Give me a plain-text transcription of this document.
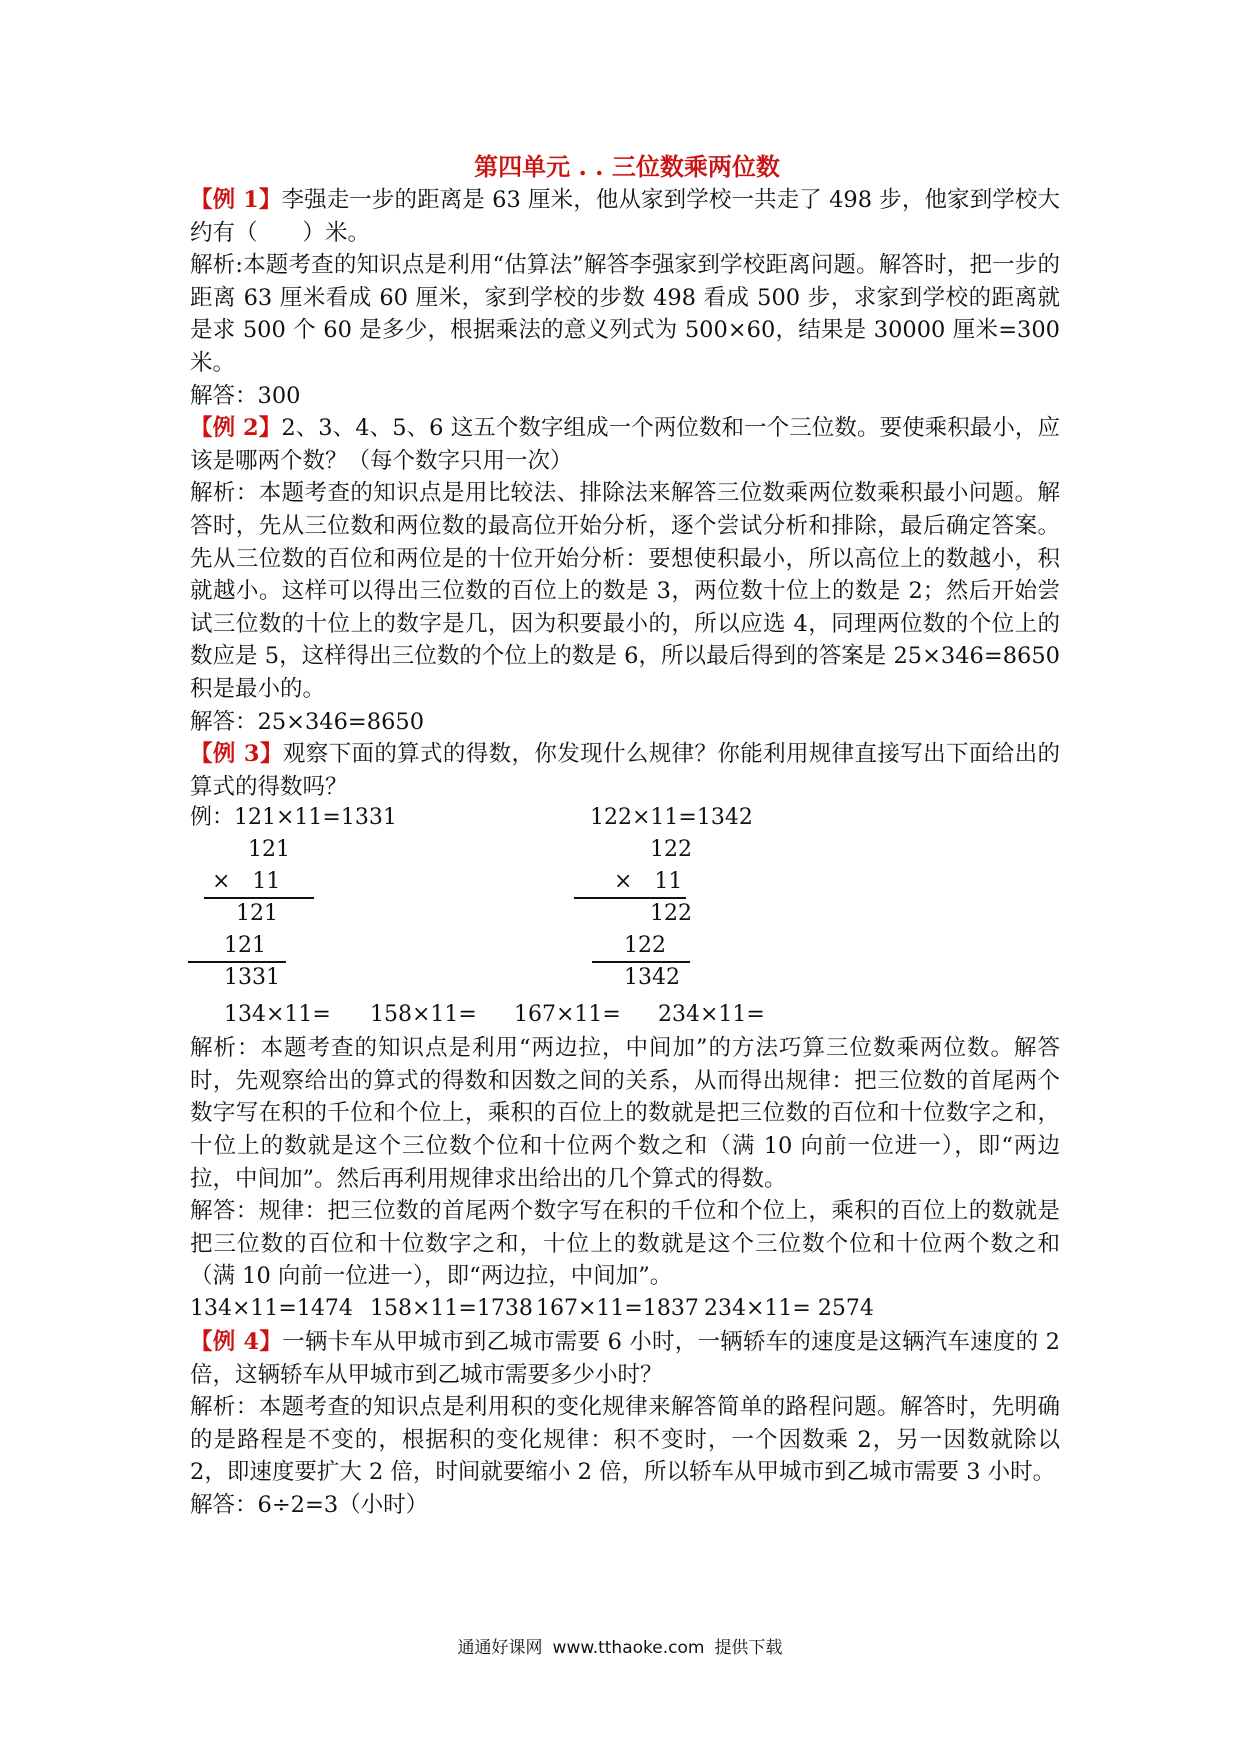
第四单元 . . 三位数乘两位数
【例 1】李强走一步的距离是 63 厘米，他从家到学校一共走了 498 步，他家到学校大约有（　　）米。
解析:本题考查的知识点是利用“估算法”解答李强家到学校距离问题。解答时，把一步的距离 63 厘米看成 60 厘米，家到学校的步数 498 看成 500 步，求家到学校的距离就是求 500 个 60 是多少，根据乘法的意义列式为 500×60，结果是 30000 厘米=300 米。
解答：300
【例 2】2、3、4、5、6 这五个数字组成一个两位数和一个三位数。要使乘积最小，应该是哪两个数？（每个数字只用一次）
解析：本题考查的知识点是用比较法、排除法来解答三位数乘两位数乘积最小问题。解答时，先从三位数和两位数的最高位开始分析，逐个尝试分析和排除，最后确定答案。先从三位数的百位和两位是的十位开始分析：要想使积最小，所以高位上的数越小，积就越小。这样可以得出三位数的百位上的数是 3，两位数十位上的数是 2；然后开始尝试三位数的十位上的数字是几，因为积要最小的，所以应选 4，同理两位数的个位上的数应是 5，这样得出三位数的个位上的数是 6，所以最后得到的答案是 25×346=8650 积是最小的。
解答：25×346=8650
【例 3】观察下面的算式的得数，你发现什么规律？你能利用规律直接写出下面给出的算式的得数吗？
例：121×11=1331	122×11=1342
121
×　11
121
121
1331
122
×　11
122
122
1342
134×11= 158×11= 167×11= 234×11=
解析：本题考查的知识点是利用“两边拉，中间加”的方法巧算三位数乘两位数。解答时，先观察给出的算式的得数和因数之间的关系，从而得出规律：把三位数的首尾两个数字写在积的千位和个位上，乘积的百位上的数就是把三位数的百位和十位数字之和，十位上的数就是这个三位数个位和十位两个数之和（满 10 向前一位进一），即“两边拉，中间加”。然后再利用规律求出给出的几个算式的得数。
解答：规律：把三位数的首尾两个数字写在积的千位和个位上，乘积的百位上的数就是把三位数的百位和十位数字之和，十位上的数就是这个三位数个位和十位两个数之和（满 10 向前一位进一），即“两边拉，中间加”。
134×11=1474 158×11=1738 167×11=1837 234×11= 2574
【例 4】一辆卡车从甲城市到乙城市需要 6 小时，一辆轿车的速度是这辆汽车速度的 2 倍，这辆轿车从甲城市到乙城市需要多少小时？
解析：本题考查的知识点是利用积的变化规律来解答简单的路程问题。解答时，先明确的是路程是不变的，根据积的变化规律：积不变时，一个因数乘 2，另一因数就除以 2，即速度要扩大 2 倍，时间就要缩小 2 倍，所以轿车从甲城市到乙城市需要 3 小时。
解答：6÷2=3（小时）
通通好课网 www.tthaoke.com 提供下载
